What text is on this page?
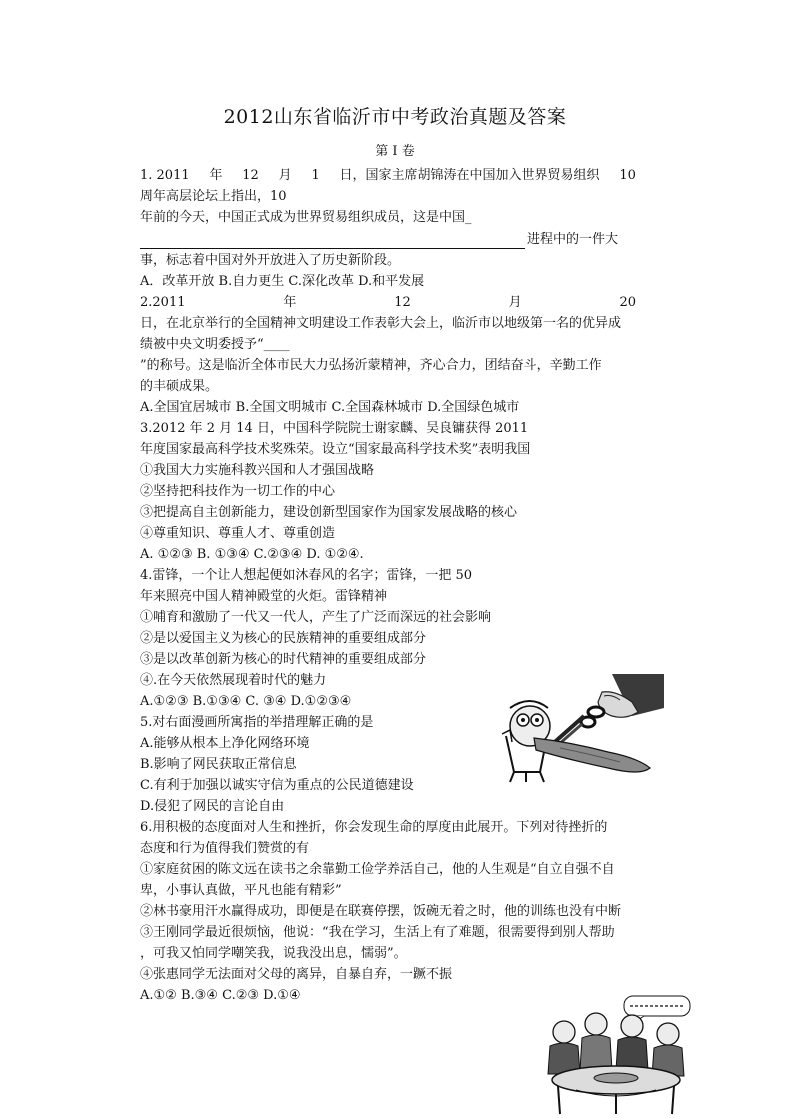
2012山东省临沂市中考政治真题及答案
第 I 卷
1. 2011 年 12 月 1 日，国家主席胡锦涛在中国加入世界贸易组织 10
周年高层论坛上指出，10
年前的今天，中国正式成为世界贸易组织成员，这是中国_
进程中的一件大
事，标志着中国对外开放进入了历史新阶段。
A．改革开放 B.自力更生 C.深化改革 D.和平发展
2.2011	年	12	月	20
日，在北京举行的全国精神文明建设工作表彰大会上，临沂市以地级第一名的优异成
绩被中央文明委授予“____
”的称号。这是临沂全体市民大力弘扬沂蒙精神，齐心合力，团结奋斗，辛勤工作
的丰硕成果。
A.全国宜居城市 B.全国文明城市 C.全国森林城市 D.全国绿色城市
3.2012 年 2 月 14 日，中国科学院院士谢家麟、吴良镛获得 2011
年度国家最高科学技术奖殊荣。设立“国家最高科学技术奖”表明我国
①我国大力实施科教兴国和人才强国战略
②坚持把科技作为一切工作的中心
③把提高自主创新能力，建设创新型国家作为国家发展战略的核心
④尊重知识、尊重人才、尊重创造
A. ①②③ B. ①③④ C.②③④ D. ①②④.
4.雷锋，一个让人想起便如沐春风的名字；雷锋，一把 50
年来照亮中国人精神殿堂的火炬。雷锋精神
①哺育和激励了一代又一代人，产生了广泛而深远的社会影响
②是以爱国主义为核心的民族精神的重要组成部分
③是以改革创新为核心的时代精神的重要组成部分
④.在今天依然展现着时代的魅力
A.①②③ B.①③④ C. ③④ D.①②③④
5.对右面漫画所寓指的举措理解正确的是
A.能够从根本上净化网络环境
B.影响了网民获取正常信息
C.有利于加强以诚实守信为重点的公民道德建设
D.侵犯了网民的言论自由
6.用积极的态度面对人生和挫折，你会发现生命的厚度由此展开。下列对待挫折的
态度和行为值得我们赞赏的有
①家庭贫困的陈文远在读书之余靠勤工俭学养活自己，他的人生观是“自立自强不自
卑，小事认真做，平凡也能有精彩”
②林书豪用汗水赢得成功，即便是在联赛停摆，饭碗无着之时，他的训练也没有中断
③王刚同学最近很烦恼，他说：“我在学习，生活上有了难题，很需要得到别人帮助
，可我又怕同学嘲笑我，说我没出息，懦弱”。
④张惠同学无法面对父母的离异，自暴自弃，一蹶不振
A.①② B.③④ C.②③ D.①④
